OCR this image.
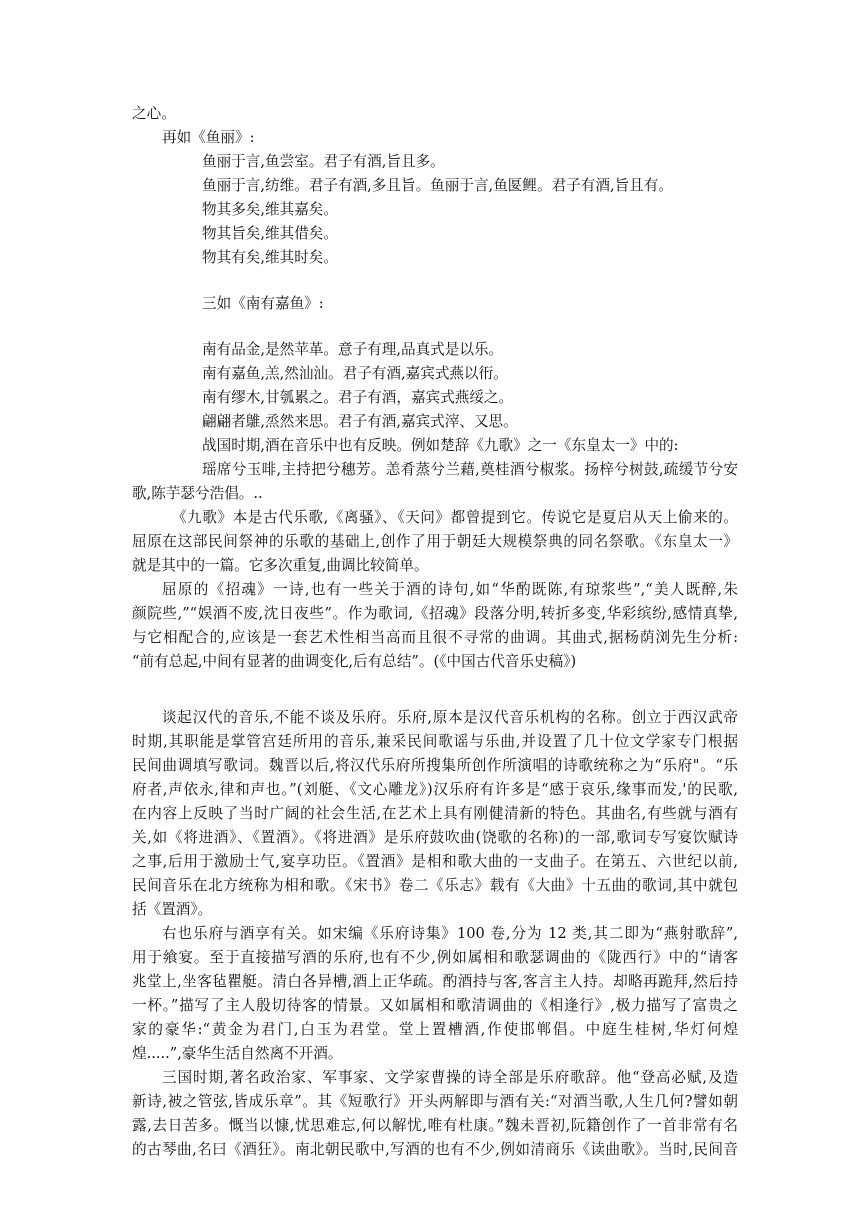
之心。
再如《鱼丽》:
鱼丽于言,鱼尝室。君子有酒,旨且多。
鱼丽于言,纺维。君子有酒,多且旨。鱼丽于言,鱼匽鲤。君子有酒,旨且有。
物其多矣,维其嘉矣。
物其旨矣,维其借矣。
物其有矣,维其时矣。
三如《南有嘉鱼》:
南有品金,是然苹革。意子有理,品真式是以乐。
南有嘉鱼,羔,然汕汕。君子有酒,嘉宾式燕以衎。
南有缪木,甘瓠累之。君子有酒，嘉宾式燕绥之。
翩翩者鵻,烝然来思。君子有酒,嘉宾式滓、又思。
战国时期,酒在音乐中也有反映。例如楚辞《九歌》之一《东皇太一》中的:
瑶席兮玉啡,主持把兮穗芳。恙肴蒸兮兰藉,奠桂酒兮椒浆。扬梓兮树鼓,疏缓节兮安
歌,陈芋瑟兮浩倡。..
《九歌》本是古代乐歌,《离骚》、《天问》都曾提到它。传说它是夏启从天上偷来的。
屈原在这部民间祭神的乐歌的基础上,创作了用于朝廷大规模祭典的同名祭歌。《东皇太一》
就是其中的一篇。它多次重复,曲调比较简单。
屈原的《招魂》一诗,也有一些关于酒的诗句,如“华酌既陈,有琼浆些”,“美人既醉,朱
颜院些,”“娱酒不废,沈日夜些”。作为歌词,《招魂》段落分明,转折多变,华彩缤纷,感情真挚,
与它相配合的,应该是一套艺术性相当高而且很不寻常的曲调。其曲式,据杨荫浏先生分析:
“前有总起,中间有显著的曲调变化,后有总结”。(《中国古代音乐史稿》)
谈起汉代的音乐,不能不谈及乐府。乐府,原本是汉代音乐机构的名称。创立于西汉武帝
时期,其职能是掌管宫廷所用的音乐,兼采民间歌谣与乐曲,并设置了几十位文学家专门根据
民间曲调填写歌词。魏晋以后,将汉代乐府所搜集所创作所演唱的诗歌统称之为“乐府"。“乐
府者,声依永,律和声也。”(刘艇、《文心雕龙》)汉乐府有许多是“感于哀乐,缘事而发,'的民歌,
在内容上反映了当时广阔的社会生活,在艺术上具有刚健清新的特色。其曲名,有些就与酒有
关,如《将进酒》、《置酒》。《将进酒》是乐府鼓吹曲(饶歌的名称)的一部,歌词专写宴饮赋诗
之事,后用于激励士气,宴享功臣。《置酒》是相和歌大曲的一支曲子。在第五、六世纪以前,
民间音乐在北方统称为相和歌。《宋书》卷二《乐志》载有《大曲》十五曲的歌词,其中就包
括《置酒》。
右也乐府与酒享有关。如宋编《乐府诗集》100 卷,分为 12 类,其二即为“燕射歌辞”,
用于飨宴。至于直接描写酒的乐府,也有不少,例如属相和歌瑟调曲的《陇西行》中的“请客
兆堂上,坐客毡瞿艇。清白各异槽,酒上正华疏。酌酒持与客,客言主人持。却略再跪拜,然后持
一杯。”描写了主人殷切待客的情景。又如属相和歌清调曲的《相逢行》,极力描写了富贵之
家的豪华:“黄金为君门,白玉为君堂。堂上置槽酒,作使邯郸倡。中庭生桂树,华灯何煌
煌.....”,豪华生活自然离不开酒。
三国时期,著名政治家、军事家、文学家曹操的诗全部是乐府歌辞。他“登高必赋,及造
新诗,被之管弦,皆成乐章”。其《短歌行》开头两解即与酒有关:“对酒当歌,人生几何?譬如朝
露,去日苦多。慨当以慷,忧思难忘,何以解忧,唯有杜康。”魏未晋初,阮籍创作了一首非常有名
的古琴曲,名曰《酒狂》。南北朝民歌中,写酒的也有不少,例如清商乐《读曲歌》。当时,民间音
